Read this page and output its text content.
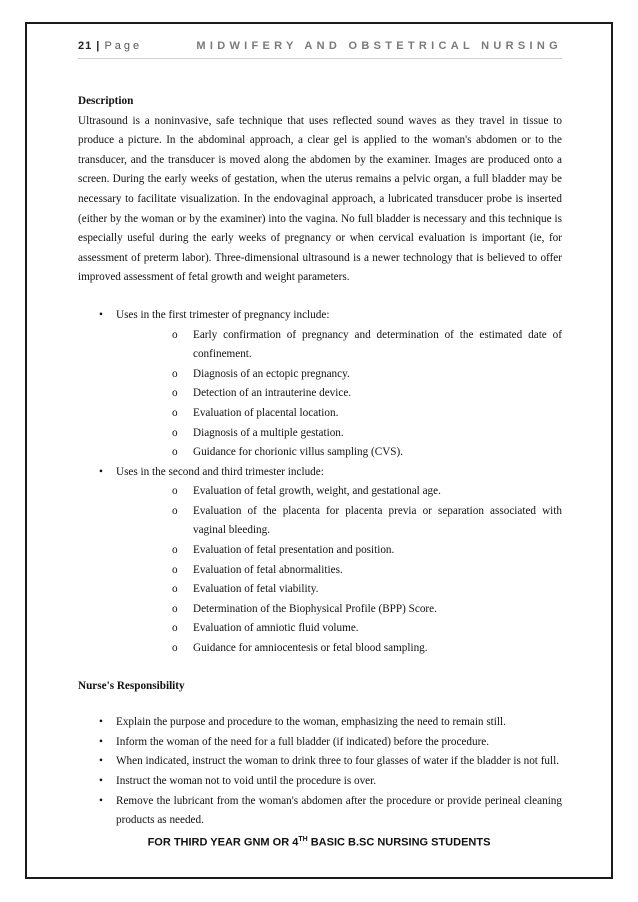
21 | Page	MIDWIFERY AND OBSTETRICAL NURSING

Description

Ultrasound is a noninvasive, safe technique that uses reflected sound waves as they travel in tissue to produce a picture. In the abdominal approach, a clear gel is applied to the woman's abdomen or to the transducer, and the transducer is moved along the abdomen by the examiner. Images are produced onto a screen. During the early weeks of gestation, when the uterus remains a pelvic organ, a full bladder may be necessary to facilitate visualization. In the endovaginal approach, a lubricated transducer probe is inserted (either by the woman or by the examiner) into the vagina. No full bladder is necessary and this technique is especially useful during the early weeks of pregnancy or when cervical evaluation is important (ie, for assessment of preterm labor). Three-dimensional ultrasound is a newer technology that is believed to offer improved assessment of fetal growth and weight parameters.

• Uses in the first trimester of pregnancy include:
o Early confirmation of pregnancy and determination of the estimated date of confinement.
o Diagnosis of an ectopic pregnancy.
o Detection of an intrauterine device.
o Evaluation of placental location.
o Diagnosis of a multiple gestation.
o Guidance for chorionic villus sampling (CVS).
• Uses in the second and third trimester include:
o Evaluation of fetal growth, weight, and gestational age.
o Evaluation of the placenta for placenta previa or separation associated with vaginal bleeding.
o Evaluation of fetal presentation and position.
o Evaluation of fetal abnormalities.
o Evaluation of fetal viability.
o Determination of the Biophysical Profile (BPP) Score.
o Evaluation of amniotic fluid volume.
o Guidance for amniocentesis or fetal blood sampling.

Nurse's Responsibility

• Explain the purpose and procedure to the woman, emphasizing the need to remain still.
• Inform the woman of the need for a full bladder (if indicated) before the procedure.
• When indicated, instruct the woman to drink three to four glasses of water if the bladder is not full.
• Instruct the woman not to void until the procedure is over.
• Remove the lubricant from the woman's abdomen after the procedure or provide perineal cleaning products as needed.
FOR THIRD YEAR GNM OR 4TH BASIC B.SC NURSING STUDENTS
